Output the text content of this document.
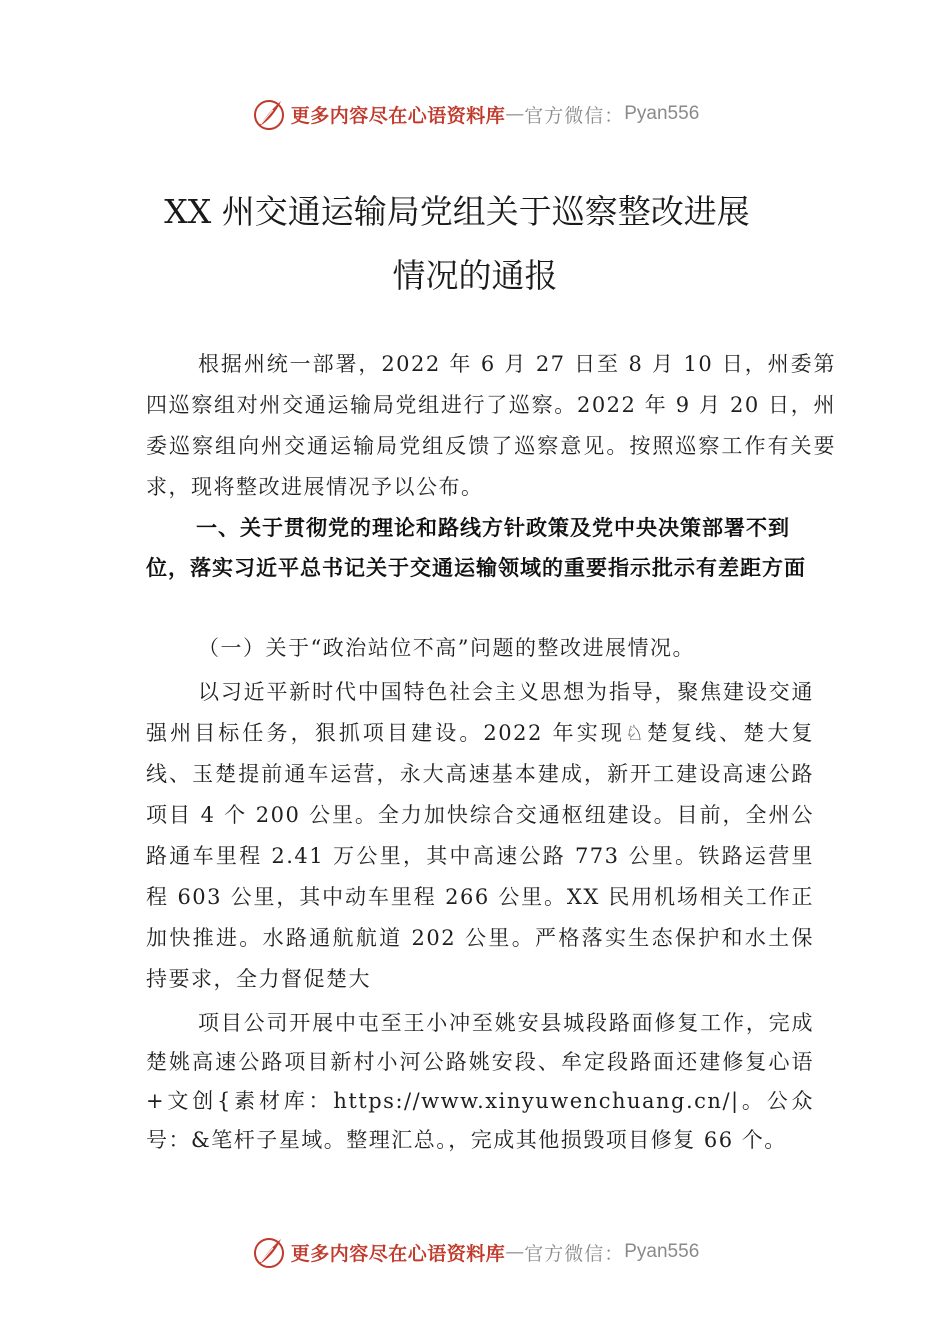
更多内容尽在心语资料库 — 官方微信： Pyan556
XX 州交通运输局党组关于巡察整改进展
情况的通报

根据州统一部署，2022 年 6 月 27 日至 8 月 10 日，州委第四巡察组对州交通运输局党组进行了巡察。2022 年 9 月 20 日，州委巡察组向州交通运输局党组反馈了巡察意见。按照巡察工作有关要求，现将整改进展情况予以公布。

一、关于贯彻党的理论和路线方针政策及党中央决策部署不到位，落实习近平总书记关于交通运输领域的重要指示批示有差距方面

（一）关于“政治站位不高”问题的整改进展情况。

以习近平新时代中国特色社会主义思想为指导，聚焦建设交通强州目标任务，狠抓项目建设。2022 年实现♘楚复线、楚大复线、玉楚提前通车运营，永大高速基本建成，新开工建设高速公路项目 4 个 200 公里。全力加快综合交通枢纽建设。目前，全州公路通车里程 2.41 万公里，其中高速公路 773 公里。铁路运营里程 603 公里，其中动车里程 266 公里。XX 民用机场相关工作正加快推进。水路通航航道 202 公里。严格落实生态保护和水土保持要求，全力督促楚大

项目公司开展中屯至王小冲至姚安县城段路面修复工作，完成楚姚高速公路项目新村小河公路姚安段、牟定段路面还建修复心语+文创{素材库：https://www.xinyuwenchuang.cn/|。公众号：&笔杆子星域。整理汇总。，完成其他损毁项目修复 66 个。

更多内容尽在心语资料库 — 官方微信： Pyan556
